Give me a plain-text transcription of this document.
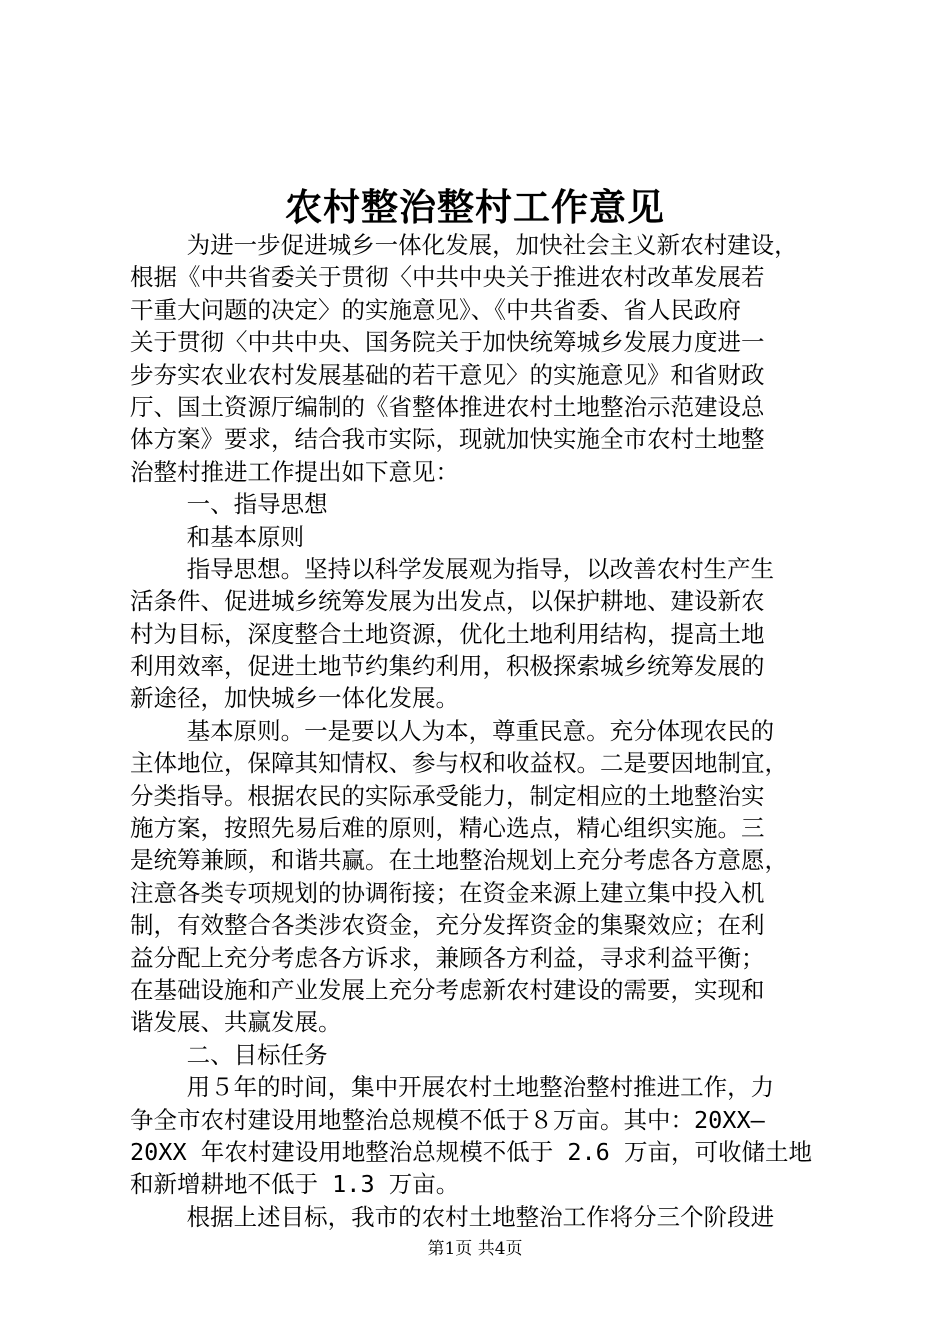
农村整治整村工作意见
为进一步促进城乡一体化发展，加快社会主义新农村建设，
根据《中共省委关于贯彻〈中共中央关于推进农村改革发展若
干重大问题的决定〉的实施意见》、《中共省委、省人民政府
关于贯彻〈中共中央、国务院关于加快统筹城乡发展力度进一
步夯实农业农村发展基础的若干意见〉的实施意见》和省财政
厅、国土资源厅编制的《省整体推进农村土地整治示范建设总
体方案》要求，结合我市实际，现就加快实施全市农村土地整
治整村推进工作提出如下意见：
一、指导思想
和基本原则
指导思想。坚持以科学发展观为指导，以改善农村生产生
活条件、促进城乡统筹发展为出发点，以保护耕地、建设新农
村为目标，深度整合土地资源，优化土地利用结构，提高土地
利用效率，促进土地节约集约利用，积极探索城乡统筹发展的
新途径，加快城乡一体化发展。
基本原则。一是要以人为本，尊重民意。充分体现农民的
主体地位，保障其知情权、参与权和收益权。二是要因地制宜，
分类指导。根据农民的实际承受能力，制定相应的土地整治实
施方案，按照先易后难的原则，精心选点，精心组织实施。三
是统筹兼顾，和谐共赢。在土地整治规划上充分考虑各方意愿，
注意各类专项规划的协调衔接；在资金来源上建立集中投入机
制，有效整合各类涉农资金，充分发挥资金的集聚效应；在利
益分配上充分考虑各方诉求，兼顾各方利益，寻求利益平衡；
在基础设施和产业发展上充分考虑新农村建设的需要，实现和
谐发展、共赢发展。
二、目标任务
用５年的时间，集中开展农村土地整治整村推进工作，力
争全市农村建设用地整治总规模不低于８万亩。其中：20XX—
20XX 年农村建设用地整治总规模不低于 2.6 万亩，可收储土地
和新增耕地不低于 1.3 万亩。
根据上述目标，我市的农村土地整治工作将分三个阶段进
第1页 共4页
